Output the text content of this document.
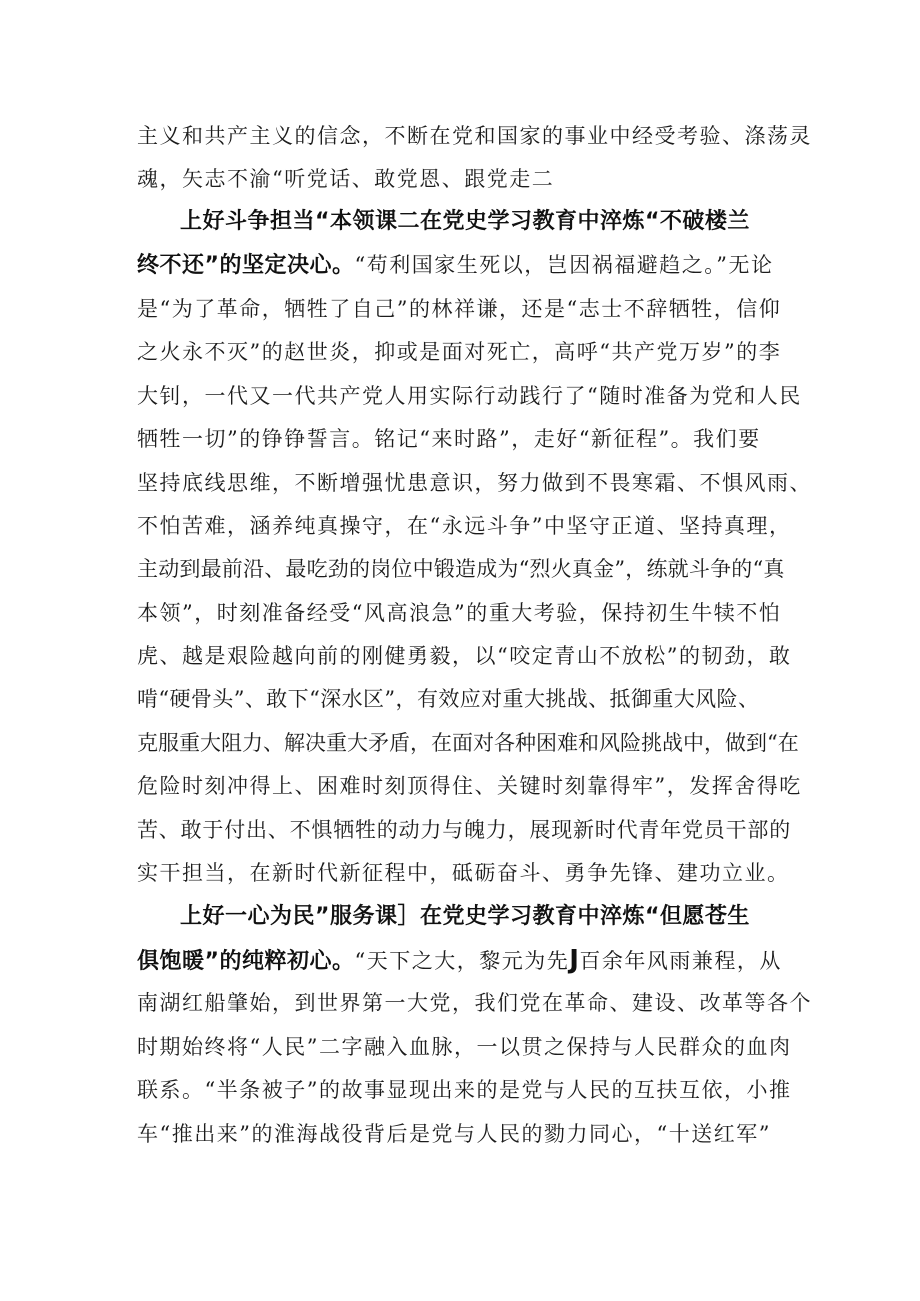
主义和共产主义的信念，不断在党和国家的事业中经受考验、涤荡灵
魂，矢志不渝“听党话、敢党恩、跟党走二
上好斗争担当“本领课二在党史学习教育中淬炼“不破楼兰
终不还”的坚定决心。“苟利国家生死以，岂因祸福避趋之。”无论
是“为了革命，牺牲了自己”的林祥谦，还是“志士不辞牺牲，信仰
之火永不灭”的赵世炎，抑或是面对死亡，高呼“共产党万岁”的李
大钊，一代又一代共产党人用实际行动践行了“随时准备为党和人民
牺牲一切”的铮铮誓言。铭记“来时路”，走好“新征程”。我们要
坚持底线思维，不断增强忧患意识，努力做到不畏寒霜、不惧风雨、
不怕苦难，涵养纯真操守，在“永远斗争”中坚守正道、坚持真理，
主动到最前沿、最吃劲的岗位中锻造成为“烈火真金”，练就斗争的“真
本领”，时刻准备经受“风高浪急”的重大考验，保持初生牛犊不怕
虎、越是艰险越向前的刚健勇毅，以“咬定青山不放松”的韧劲，敢
啃“硬骨头”、敢下“深水区”，有效应对重大挑战、抵御重大风险、
克服重大阻力、解决重大矛盾，在面对各种困难和风险挑战中，做到“在
危险时刻冲得上、困难时刻顶得住、关键时刻靠得牢”，发挥舍得吃
苦、敢于付出、不惧牺牲的动力与魄力，展现新时代青年党员干部的
实干担当，在新时代新征程中，砥砺奋斗、勇争先锋、建功立业。
上好一心为民”服务课］在党史学习教育中淬炼“但愿苍生
俱饱暖”的纯粹初心。“天下之大，黎元为先J百余年风雨兼程，从
南湖红船肇始，到世界第一大党，我们党在革命、建设、改革等各个
时期始终将“人民”二字融入血脉，一以贯之保持与人民群众的血肉
联系。“半条被子”的故事显现出来的是党与人民的互扶互依，小推
车“推出来”的淮海战役背后是党与人民的勠力同心，“十送红军”
